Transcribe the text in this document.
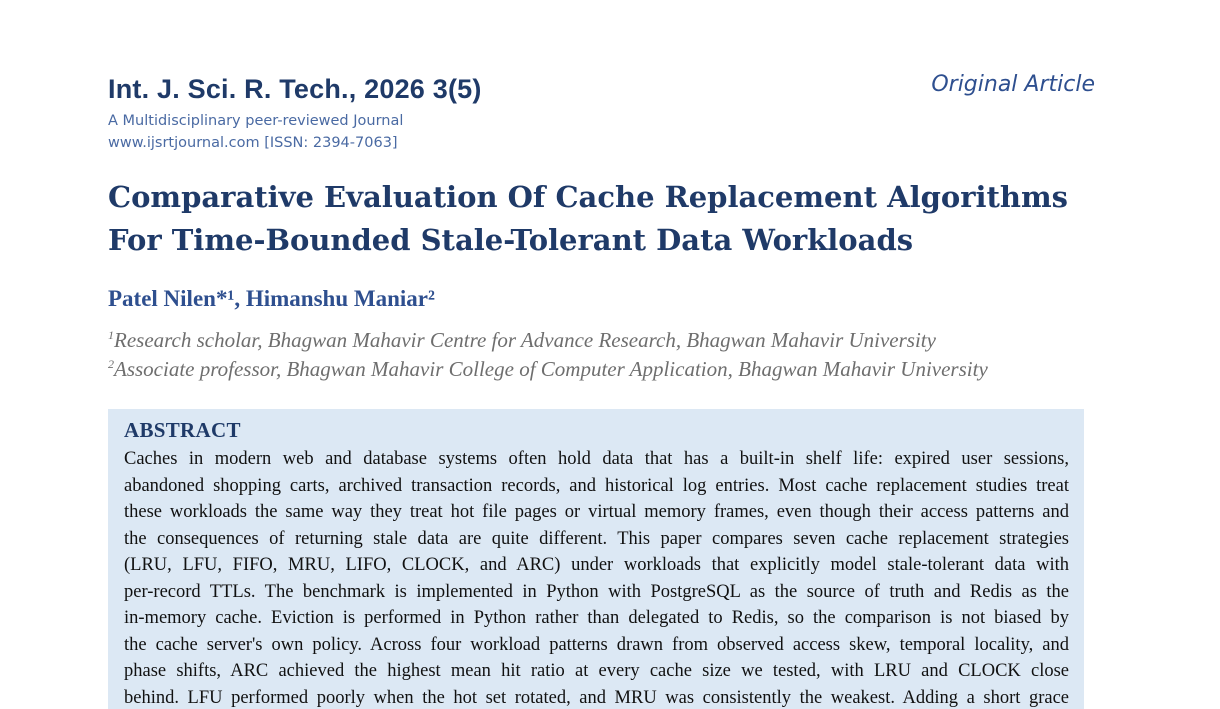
Int. J. Sci. R. Tech., 2026 3(5)	Original Article
A Multidisciplinary peer-reviewed Journal
www.ijsrtjournal.com [ISSN: 2394-7063]
Comparative Evaluation Of Cache Replacement Algorithms
For Time-Bounded Stale-Tolerant Data Workloads
Patel Nilen*¹, Himanshu Maniar²
$^1$Research scholar, Bhagwan Mahavir Centre for Advance Research, Bhagwan Mahavir University
$^2$Associate professor, Bhagwan Mahavir College of Computer Application, Bhagwan Mahavir University
ABSTRACT
Caches in modern web and database systems often hold data that has a built-in shelf life: expired user sessions,
abandoned shopping carts, archived transaction records, and historical log entries. Most cache replacement studies treat
these workloads the same way they treat hot file pages or virtual memory frames, even though their access patterns and
the consequences of returning stale data are quite different. This paper compares seven cache replacement strategies
(LRU, LFU, FIFO, MRU, LIFO, CLOCK, and ARC) under workloads that explicitly model stale-tolerant data with
per-record TTLs. The benchmark is implemented in Python with PostgreSQL as the source of truth and Redis as the
in-memory cache. Eviction is performed in Python rather than delegated to Redis, so the comparison is not biased by
the cache server's own policy. Across four workload patterns drawn from observed access skew, temporal locality, and
phase shifts, ARC achieved the highest mean hit ratio at every cache size we tested, with LRU and CLOCK close
behind. LFU performed poorly when the hot set rotated, and MRU was consistently the weakest. Adding a short grace
